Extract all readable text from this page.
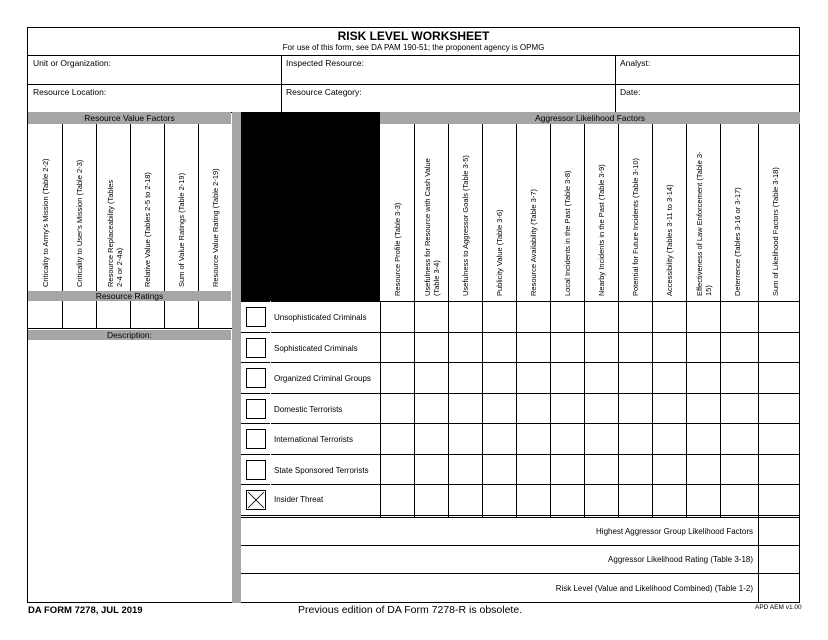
RISK LEVEL WORKSHEET
For use of this form, see DA PAM 190-51; the proponent agency is OPMG
Unit or Organization:	Inspected Resource:	Analyst:
Resource Location:	Resource Category:	Date:
Resource Value Factors	Aggressor Likelihood Factors
Criticality to Army's Mission (Table 2-2)	Criticality to User's Mission (Table 2-3)	Resource Replaceability (Tables 2-4 or 2-4a)	Relative Value (Tables 2-5 to 2-18)	Sum of Value Ratings (Table 2-19)	Resource Value Rating (Table 2-19)
Resource Ratings
Description:
Highest Aggressor Group Likelihood Factors
Aggressor Likelihood Rating (Table 3-18)
Risk Level (Value and Likelihood Combined) (Table 1-2)
Resource Profile (Table 3-3)	Usefulness for Resource with Cash Value (Table 3-4)	Usefulness to Aggressor Goals (Table 3-5)	Publicity Value (Table 3-6)	Resource Availability (Table 3-7)	Local Incidents in the Past (Table 3-8)	Nearby Incidents in the Past (Table 3-9)	Potential for Future Incidents (Table 3-10)	Accessibility (Tables 3-11 to 3-14)	Effectiveness of Law Enforcement (Table 3-15)	Deterrence (Tables 3-16 or 3-17)	Sum of Likelihood Factors (Table 3-18)
Unsophisticated Criminals
Sophisticated Criminals
Organized Criminal Groups
Domestic Terrorists
International Terrorists
State Sponsored Terrorists
Insider Threat
DA FORM 7278, JUL 2019	Previous edition of DA Form 7278-R is obsolete.	APD AEM v1.00
